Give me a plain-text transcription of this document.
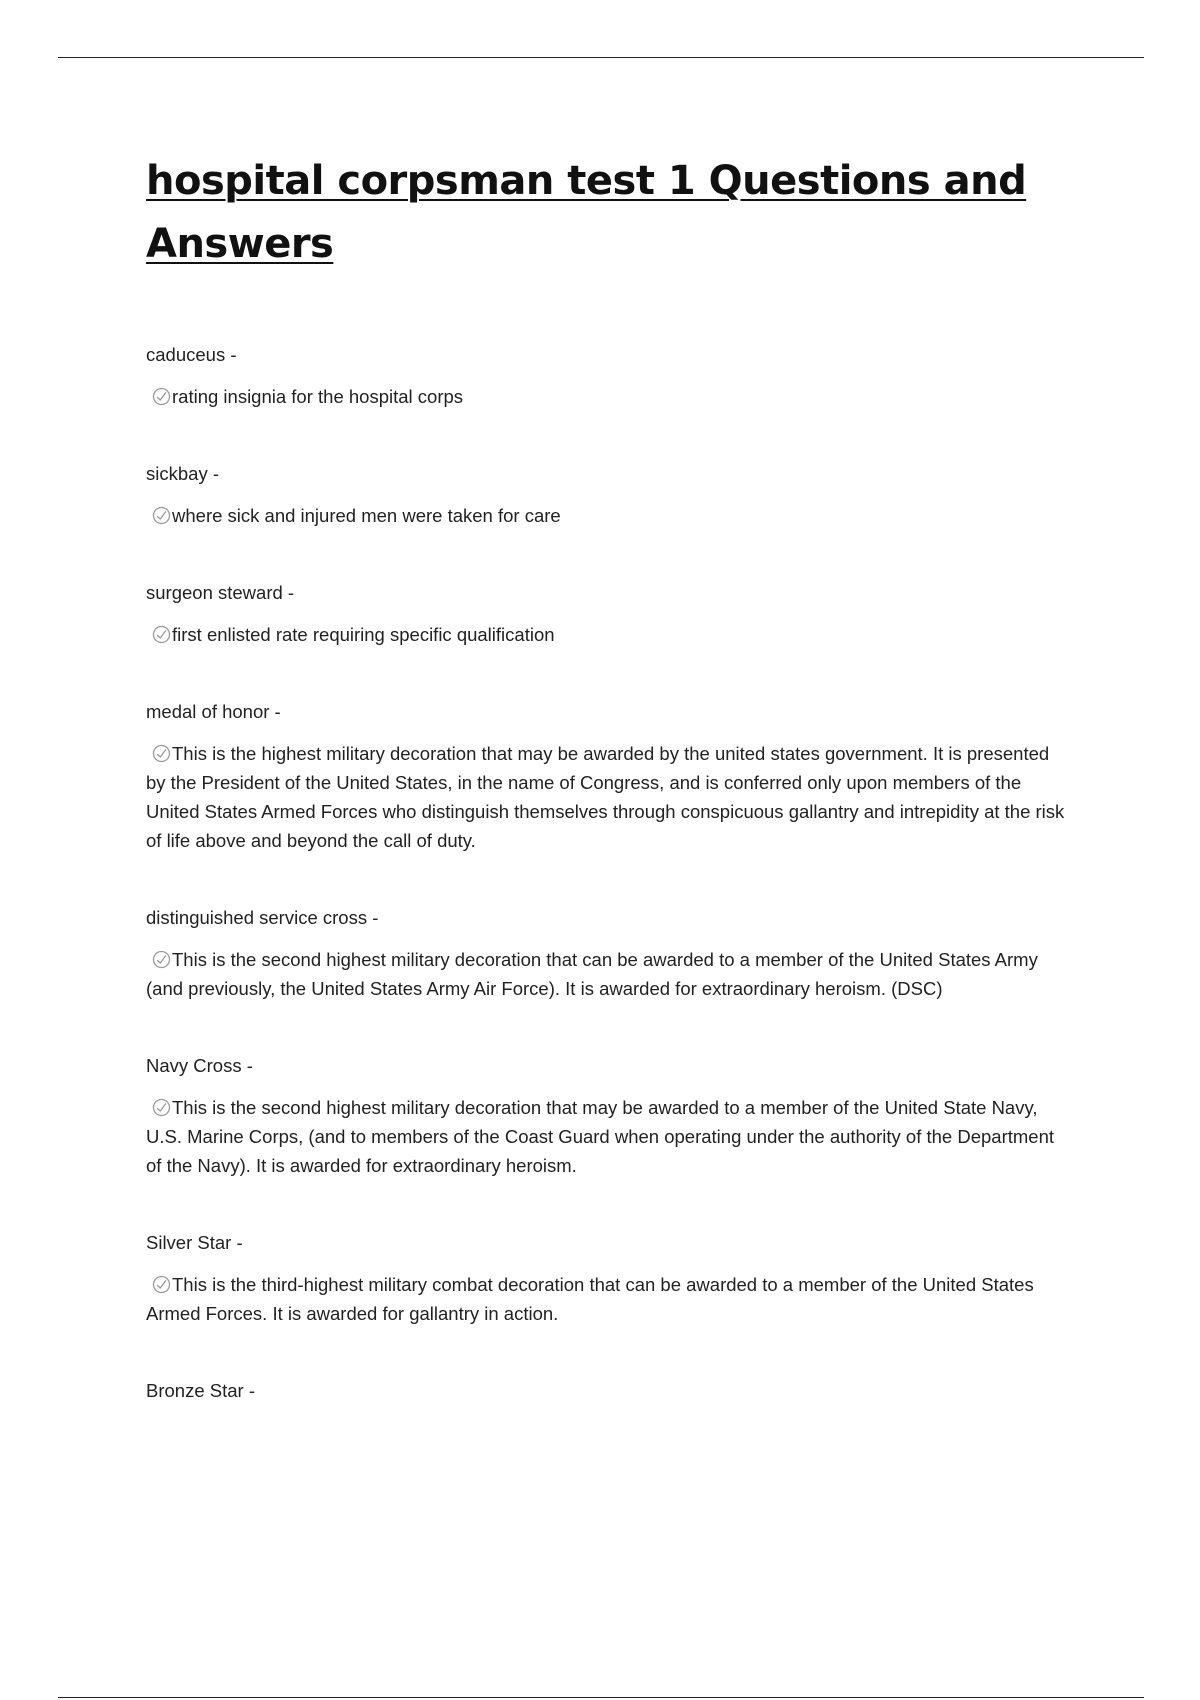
hospital corpsman test 1 Questions and Answers
caduceus -
rating insignia for the hospital corps
sickbay -
where sick and injured men were taken for care
surgeon steward -
first enlisted rate requiring specific qualification
medal of honor -
This is the highest military decoration that may be awarded by the united states government. It is presented by the President of the United States, in the name of Congress, and is conferred only upon members of the United States Armed Forces who distinguish themselves through conspicuous gallantry and intrepidity at the risk of life above and beyond the call of duty.
distinguished service cross -
This is the second highest military decoration that can be awarded to a member of the United States Army (and previously, the United States Army Air Force). It is awarded for extraordinary heroism. (DSC)
Navy Cross -
This is the second highest military decoration that may be awarded to a member of the United State Navy, U.S. Marine Corps, (and to members of the Coast Guard when operating under the authority of the Department of the Navy). It is awarded for extraordinary heroism.
Silver Star -
This is the third-highest military combat decoration that can be awarded to a member of the United States Armed Forces. It is awarded for gallantry in action.
Bronze Star -
